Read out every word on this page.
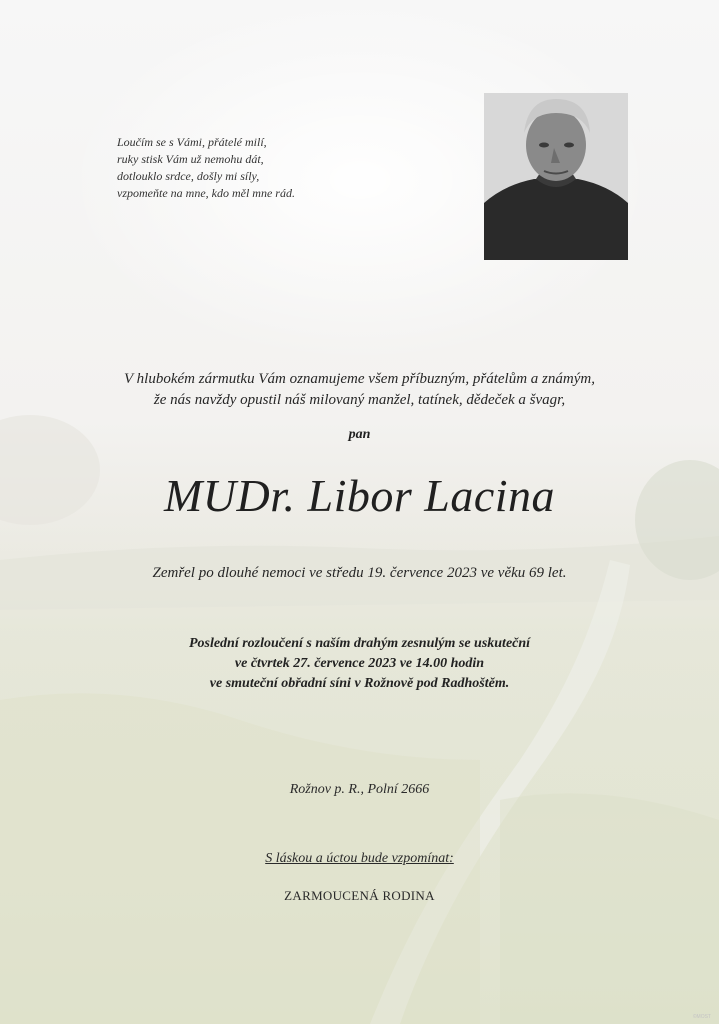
Loučím se s Vámi, přátelé milí,
ruky stisk Vám už nemohu dát,
dotlouklo srdce, došly mi síly,
vzpomeňte na mne, kdo měl mne rád.
V hlubokém zármutku Vám oznamujeme všem příbuzným, přátelům a známým,
že nás navždy opustil náš milovaný manžel, tatínek, dědeček a švagr,
pan
MUDr. Libor Lacina
Zemřel po dlouhé nemoci ve středu 19. července 2023 ve věku 69 let.
Poslední rozloučení s naším drahým zesnulým se uskuteční
ve čtvrtek 27. července 2023 ve 14.00 hodin
ve smuteční obřadní síni v Rožnově pod Radhoštěm.
Rožnov p. R., Polní 2666
S láskou a úctou bude vzpomínat:
ZARMOUCENÁ RODINA
©MOST
